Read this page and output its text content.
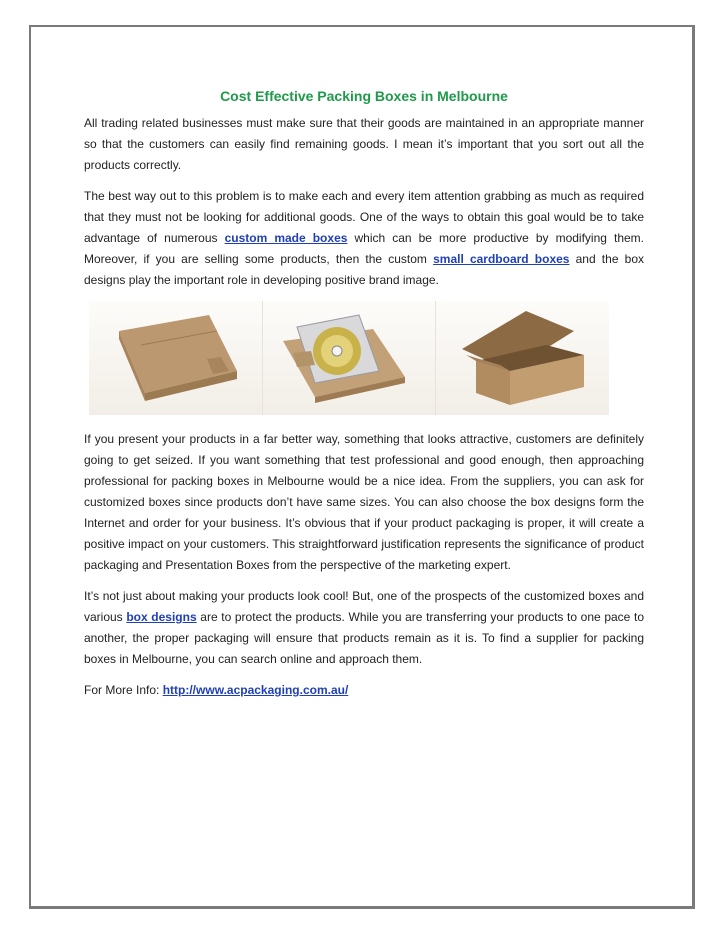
Cost Effective Packing Boxes in Melbourne

All trading related businesses must make sure that their goods are maintained in an appropriate manner so that the customers can easily find remaining goods. I mean it’s important that you sort out all the products correctly.

The best way out to this problem is to make each and every item attention grabbing as much as required that they must not be looking for additional goods. One of the ways to obtain this goal would be to take advantage of numerous custom made boxes which can be more productive by modifying them. Moreover, if you are selling some products, then the custom small cardboard boxes and the box designs play the important role in developing positive brand image.

If you present your products in a far better way, something that looks attractive, customers are definitely going to get seized. If you want something that test professional and good enough, then approaching professional for packing boxes in Melbourne would be a nice idea. From the suppliers, you can ask for customized boxes since products don’t have same sizes. You can also choose the box designs form the Internet and order for your business. It’s obvious that if your product packaging is proper, it will create a positive impact on your customers. This straightforward justification represents the significance of product packaging and Presentation Boxes from the perspective of the marketing expert.

It’s not just about making your products look cool! But, one of the prospects of the customized boxes and various box designs are to protect the products. While you are transferring your products to one pace to another, the proper packaging will ensure that products remain as it is. To find a supplier for packing boxes in Melbourne, you can search online and approach them.

For More Info: http://www.acpackaging.com.au/
